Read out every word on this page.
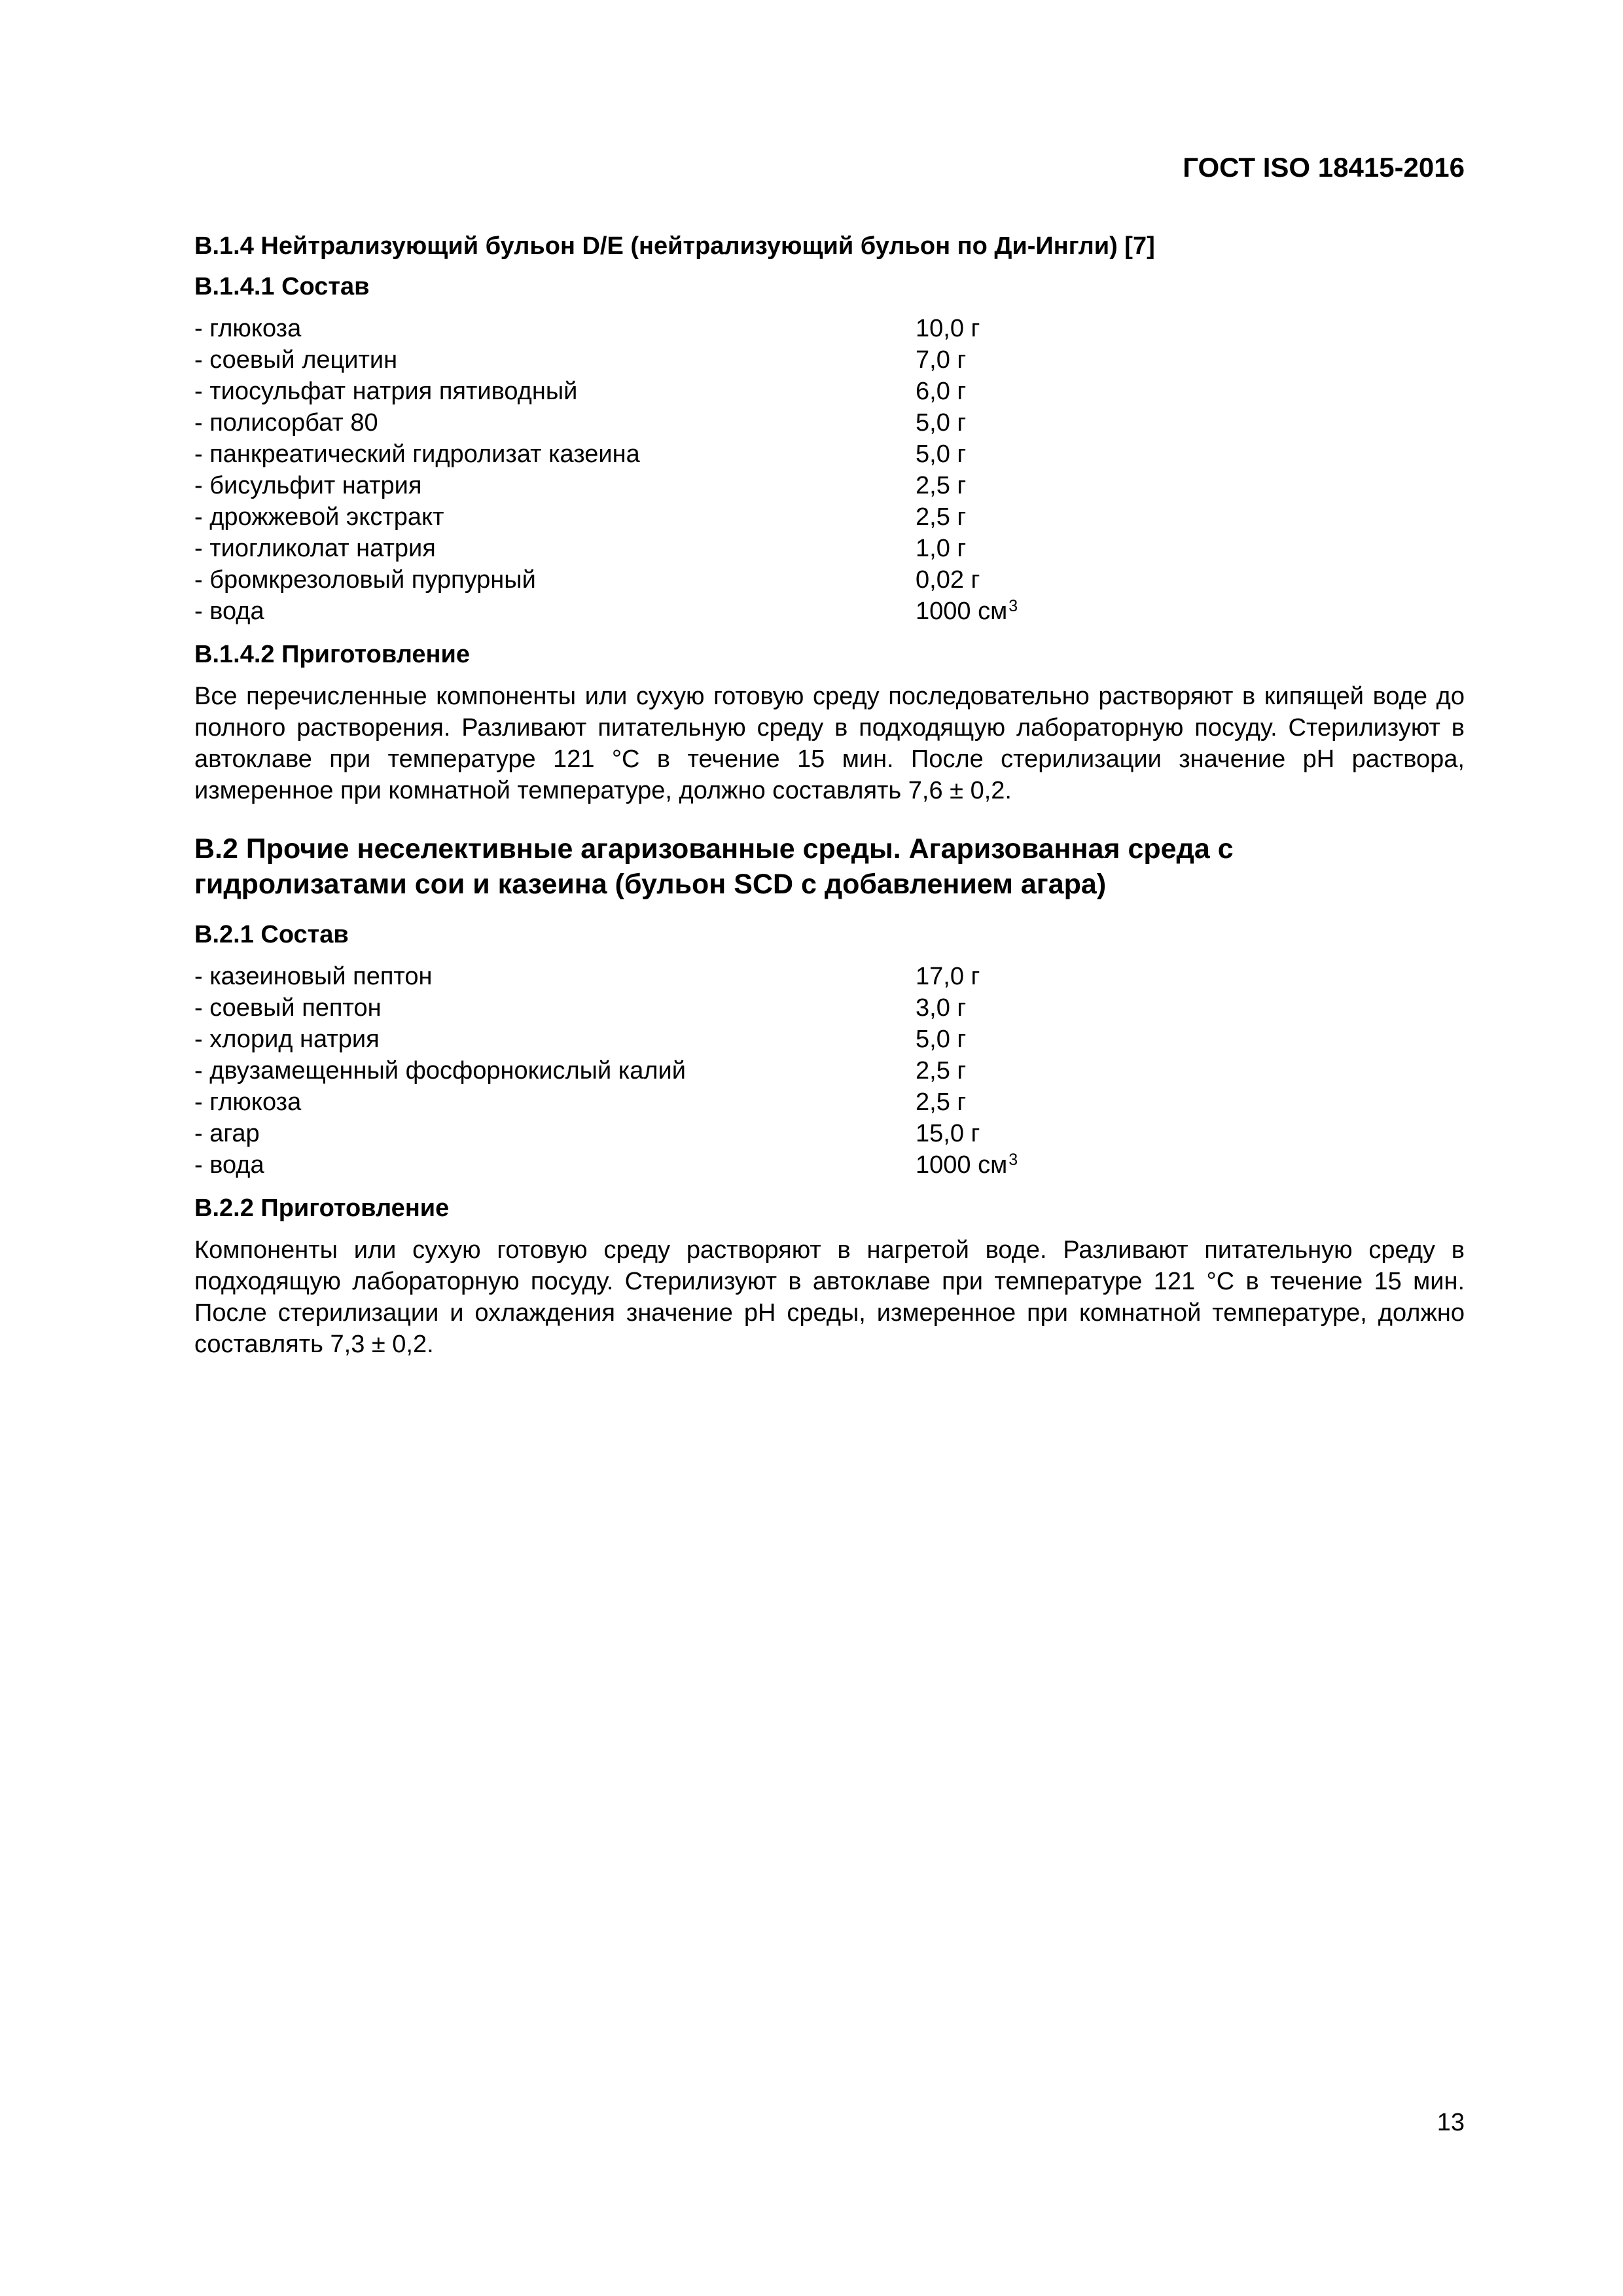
ГОСТ ISO 18415-2016
B.1.4 Нейтрализующий бульон D/E (нейтрализующий бульон по Ди-Ингли) [7]
B.1.4.1 Состав
- глюкоза	10,0 г
- соевый лецитин	7,0 г
- тиосульфат натрия пятиводный	6,0 г
- полисорбат 80	5,0 г
- панкреатический гидролизат казеина	5,0 г
- бисульфит натрия	2,5 г
- дрожжевой экстракт	2,5 г
- тиогликолат натрия	1,0 г
- бромкрезоловый пурпурный	0,02 г
- вода	1000 $см^3$
B.1.4.2 Приготовление

Все перечисленные компоненты или сухую готовую среду последовательно растворяют в кипящей воде до полного растворения. Разливают питательную среду в подходящую лабораторную посуду. Стерилизуют в автоклаве при температуре 121 °С в течение 15 мин. После стерилизации значение pH раствора, измеренное при комнатной температуре, должно составлять 7,6 ± 0,2.

B.2 Прочие неселективные агаризованные среды. Агаризованная среда с
гидролизатами сои и казеина (бульон SCD с добавлением агара)
B.2.1 Состав
- казеиновый пептон	17,0 г
- соевый пептон	3,0 г
- хлорид натрия	5,0 г
- двузамещенный фосфорнокислый калий	2,5 г
- глюкоза	2,5 г
- агар	15,0 г
- вода	1000 $см^3$
B.2.2 Приготовление

Компоненты или сухую готовую среду растворяют в нагретой воде. Разливают питательную среду в подходящую лабораторную посуду. Стерилизуют в автоклаве при температуре 121 °С в течение 15 мин. После стерилизации и охлаждения значение pH среды, измеренное при комнатной температуре, должно составлять 7,3 ± 0,2.

13
